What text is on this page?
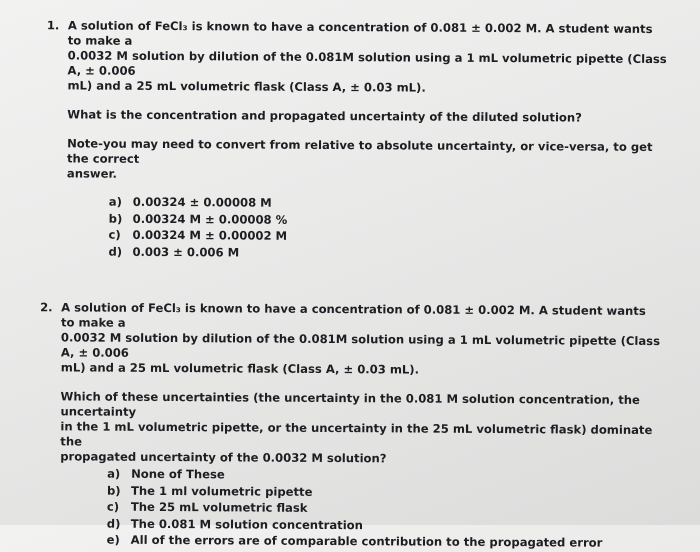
1. A solution of FeCl₃ is known to have a concentration of 0.081 ± 0.002 M. A student wants to make a

0.0032 M solution by dilution of the 0.081M solution using a 1 mL volumetric pipette (Class A, ± 0.006

mL) and a 25 mL volumetric flask (Class A, ± 0.03 mL).

What is the concentration and propagated uncertainty of the diluted solution?

Note-you may need to convert from relative to absolute uncertainty, or vice-versa, to get the correct

answer.

a) 0.00324 ± 0.00008 M
b) 0.00324 M ± 0.00008 %
c)	0.00324 M ± 0.00002 M
d) 0.003 ± 0.006 M
2. A solution of FeCl₃ is known to have a concentration of 0.081 ± 0.002 M. A student wants to make a

0.0032 M solution by dilution of the 0.081M solution using a 1 mL volumetric pipette (Class A, ± 0.006

mL) and a 25 mL volumetric flask (Class A, ± 0.03 mL).

Which of these uncertainties (the uncertainty in the 0.081 M solution concentration, the uncertainty

in the 1 mL volumetric pipette, or the uncertainty in the 25 mL volumetric flask) dominate the

propagated uncertainty of the 0.0032 M solution?

a) None of These
b) The 1 ml volumetric pipette
c)	The 25 mL volumetric flask
d) The 0.081 M solution concentration
e) All of the errors are of comparable contribution to the propagated error
